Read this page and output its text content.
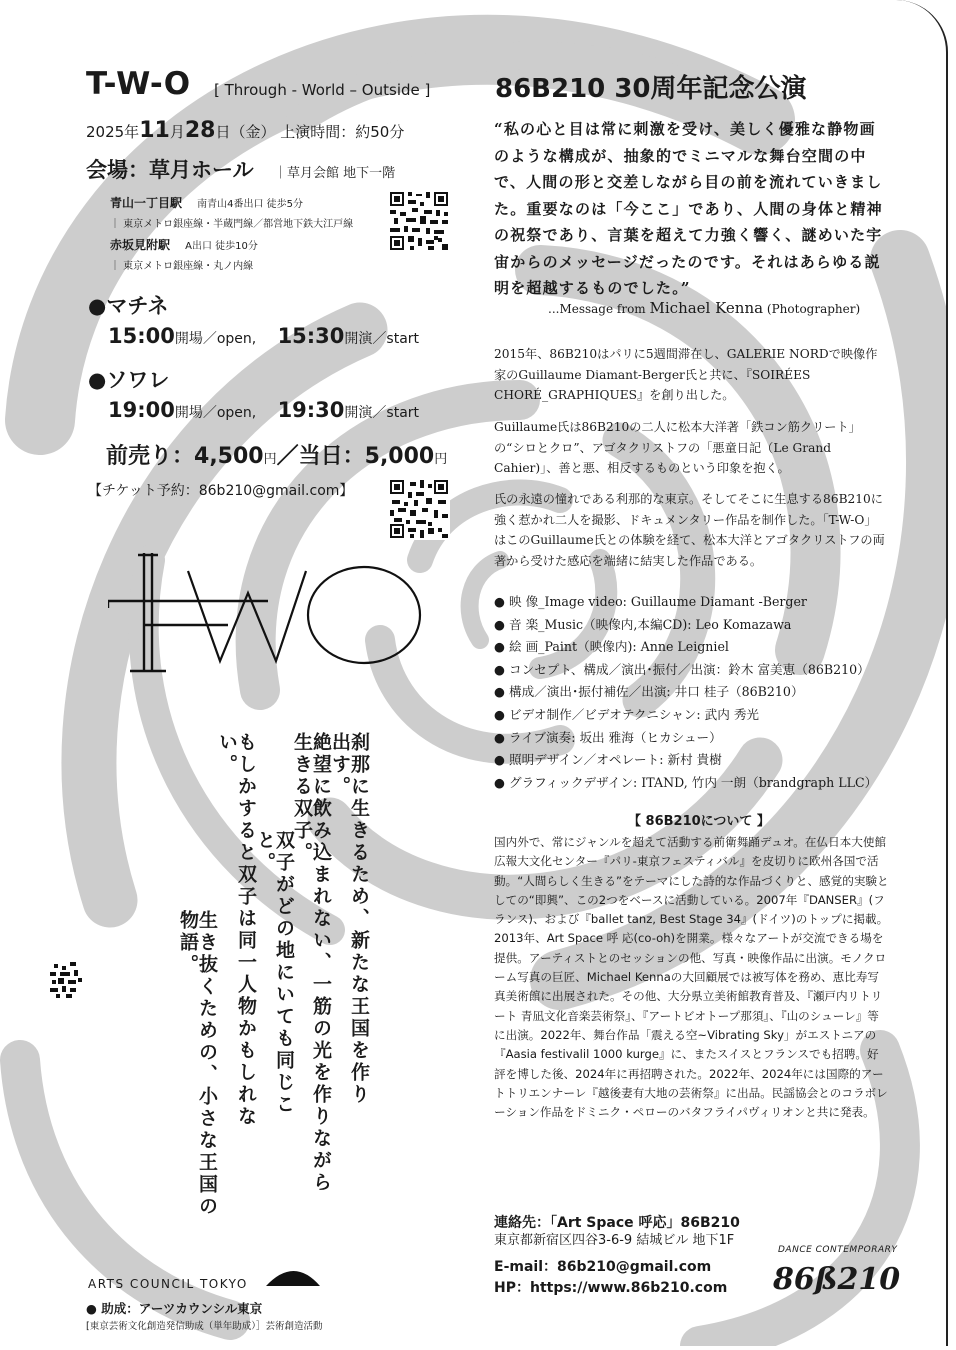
T-W-O [ Through - World – Outside ]
2025年11月28日（金） 上演時間：約50分
会場：草月ホール ｜草月会館 地下一階
青山一丁目駅 南青山4番出口 徒歩5分
｜ 東京メトロ銀座線・半蔵門線／都営地下鉄大江戸線
赤坂見附駅 A出口 徒歩10分
｜ 東京メトロ銀座線・丸ノ内線
●マチネ
15:00開場／open, 15:30開演／start
●ソワレ
19:00開場／open, 19:30開演／start
前売り：4,500円／当日：5,000円
【チケット予約：86b210@gmail.com】
刹那に生きるため、新たな王国を作り出す。
絶望に飲み込まれない、一筋の光を作りながら生きる双子。
双子がどの地にいても同じこと。
もしかすると双子は同一人物かもしれない。
生き抜くための、小さな王国の物語。
ARTS COUNCIL TOKYO
● 助成：アーツカウンシル東京
[東京芸術文化創造発信助成（単年助成）］芸術創造活動
86B210 30周年記念公演
“私の心と目は常に刺激を受け、美しく優雅な静物画のような構成が、抽象的でミニマルな舞台空間の中で、人間の形と交差しながら目の前を流れていきました。重要なのは「今ここ」であり、人間の身体と精神の祝祭であり、言葉を超えて力強く響く、謎めいた宇宙からのメッセージだったのです。それはあらゆる説明を超越するものでした。”
...Message from Michael Kenna (Photographer)
2015年、86B210はパリに5週間滞在し、GALERIE NORDで映像作家のGuillaume Diamant-Berger氏と共に、『SOIRÉES CHORÉ_GRAPHIQUES』を創り出した。
Guillaume氏は86B210の二人に松本大洋著「鉄コン筋クリート」の“シロとクロ”、アゴタクリストフの「悪童日記（Le Grand Cahier)」、善と悪、相反するものという印象を抱く。
氏の永遠の憧れである利那的な東京。そしてそこに生息する86B210に強く惹かれ二人を撮影、ドキュメンタリー作品を制作した。「T-W-O」はこのGuillaume氏との体験を経て、松本大洋とアゴタクリストフの両著から受けた感応を端緒に結実した作品である。
● 映 像_Image video: Guillaume Diamant -Berger
● 音 楽_Music（映像内,本編CD): Leo Komazawa
● 絵 画_Paint（映像内): Anne Leigniel
● コンセプト、構成／演出･振付／出演：鈴木 富美恵（86B210）
● 構成／演出･振付補佐／出演: 井口 桂子（86B210）
● ビデオ制作／ビデオテクニシャン: 武内 秀光
● ライブ演奏: 坂出 雅海（ヒカシュー）
● 照明デザイン／オペレート: 新村 貴樹
● グラフィックデザイン: ITAND, 竹内 一朗（brandgraph LLC）
【 86B210について 】
国内外で、常にジャンルを超えて活動する前衛舞踊デュオ。在仏日本大使館広報大文化センター『パリ-東京フェスティバル』を皮切りに欧州各国で活動。“人間らしく生きる”をテーマにした詩的な作品づくりと、感覚的実験としての“即興”、この2つをベースに活動している。2007年『DANSER』(フランス)、および『ballet tanz, Best Stage 34』(ドイツ)のトップに掲載。2013年、Art Space 呼 応(co-oh)を開業。様々なアートが交流できる場を提供。アーティストとのセッションの他、写真・映像作品に出演。モノクローム写真の巨匠、Michael Kennaの大回顧展では被写体を務め、恵比寿写真美術館に出展された。その他、大分県立美術館教育普及、『瀬戸内リトリート 青凪文化音楽芸術祭』、『アートビオトープ那須』、『山のシューレ』等に出演。2022年、舞台作品「震える空~Vibrating Sky」がエストニアの『Aasia festivalil 1000 kurge』に、またスイスとフランスでも招聘。好評を博した後、2024年に再招聘された。2022年、2024年には国際的アートトリエンナーレ『越後妻有大地の芸術祭』に出品。民謡協会とのコラボレーション作品をドミニク・ペローのバタフライパヴィリオンと共に発表。
連絡先：「Art Space 呼応」86B210
東京都新宿区四谷3-6-9 結城ビル 地下1F
E-mail：86b210@gmail.com
HP：https://www.86b210.com
DANCE CONTEMPORARY
86ß210
